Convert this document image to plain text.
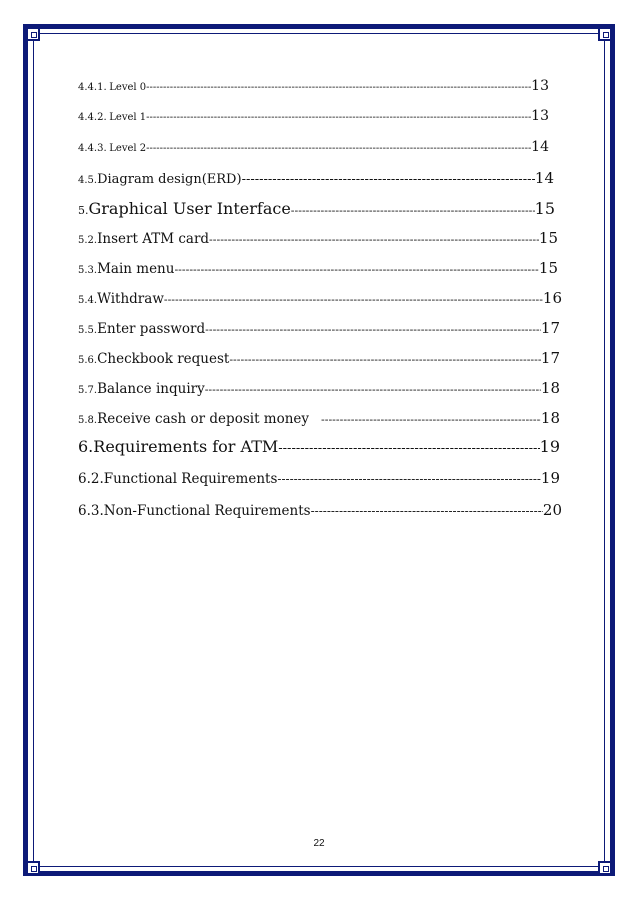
4.4.1. Level 0 -----	13
4.4.2. Level 1 -----	13
4.4.3. Level 2 -----	14
4.5. Diagram design(ERD) -----	14
5. Graphical User Interface -----	15
5.2. Insert ATM card -----	15
5.3. Main menu -----	15
5.4. Withdraw -----	16
5.5. Enter password -----	17
5.6. Checkbook request -----	17
5.7. Balance inquiry -----	18
5.8. Receive cash or deposit money -----	18
6. Requirements for ATM -----	19
6.2. Functional Requirements -----	19
6.3. Non-Functional Requirements -----	20
22
